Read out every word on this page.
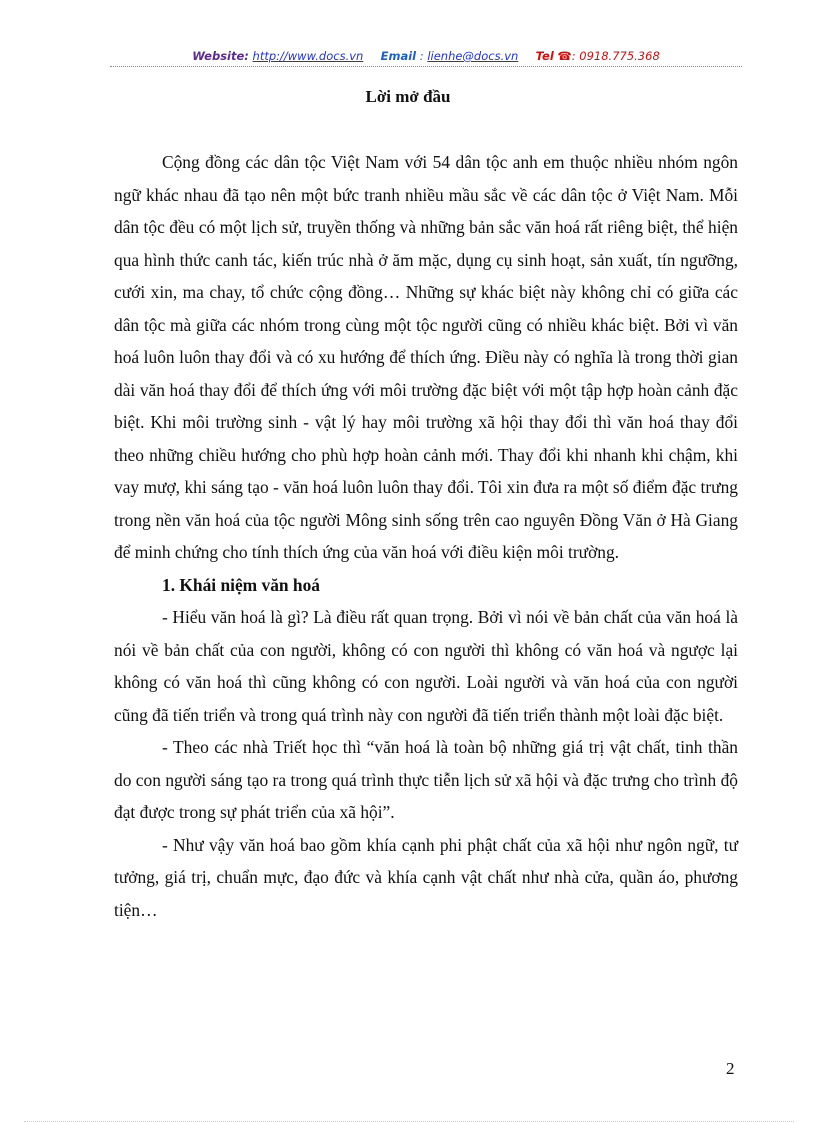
Website: http://www.docs.vn Email : lienhe@docs.vn Tel ☎: 0918.775.368
Lời mở đầu

Cộng đồng các dân tộc Việt Nam với 54 dân tộc anh em thuộc nhiều nhóm ngôn ngữ khác nhau đã tạo nên một bức tranh nhiều mầu sắc về các dân tộc ở Việt Nam. Mỗi dân tộc đều có một lịch sử, truyền thống và những bản sắc văn hoá rất riêng biệt, thể hiện qua hình thức canh tác, kiến trúc nhà ở ăm mặc, dụng cụ sinh hoạt, sản xuất, tín ngưỡng, cưới xin, ma chay, tổ chức cộng đồng… Những sự khác biệt này không chỉ có giữa các dân tộc mà giữa các nhóm trong cùng một tộc người cũng có nhiều khác biệt. Bởi vì văn hoá luôn luôn thay đổi và có xu hướng để thích ứng. Điều này có nghĩa là trong thời gian dài văn hoá thay đổi để thích ứng với môi trường đặc biệt với một tập hợp hoàn cảnh đặc biệt. Khi môi trường sinh - vật lý hay môi trường xã hội thay đổi thì văn hoá thay đổi theo những chiều hướng cho phù hợp hoàn cảnh mới. Thay đổi khi nhanh khi chậm, khi vay mượ, khi sáng tạo - văn hoá luôn luôn thay đổi. Tôi xin đưa ra một số điểm đặc trưng trong nền văn hoá của tộc người Mông sinh sống trên cao nguyên Đồng Văn ở Hà Giang để minh chứng cho tính thích ứng của văn hoá với điều kiện môi trường.

1. Khái niệm văn hoá

- Hiểu văn hoá là gì? Là điều rất quan trọng. Bởi vì nói về bản chất của văn hoá là nói về bản chất của con người, không có con người thì không có văn hoá và ngược lại không có văn hoá thì cũng không có con người. Loài người và văn hoá của con người cũng đã tiến triển và trong quá trình này con người đã tiến triển thành một loài đặc biệt.

- Theo các nhà Triết học thì “văn hoá là toàn bộ những giá trị vật chất, tinh thần do con người sáng tạo ra trong quá trình thực tiễn lịch sử xã hội và đặc trưng cho trình độ đạt được trong sự phát triển của xã hội”.

- Như vậy văn hoá bao gồm khía cạnh phi phật chất của xã hội như ngôn ngữ, tư tưởng, giá trị, chuẩn mực, đạo đức và khía cạnh vật chất như nhà cửa, quần áo, phương tiện…

2
